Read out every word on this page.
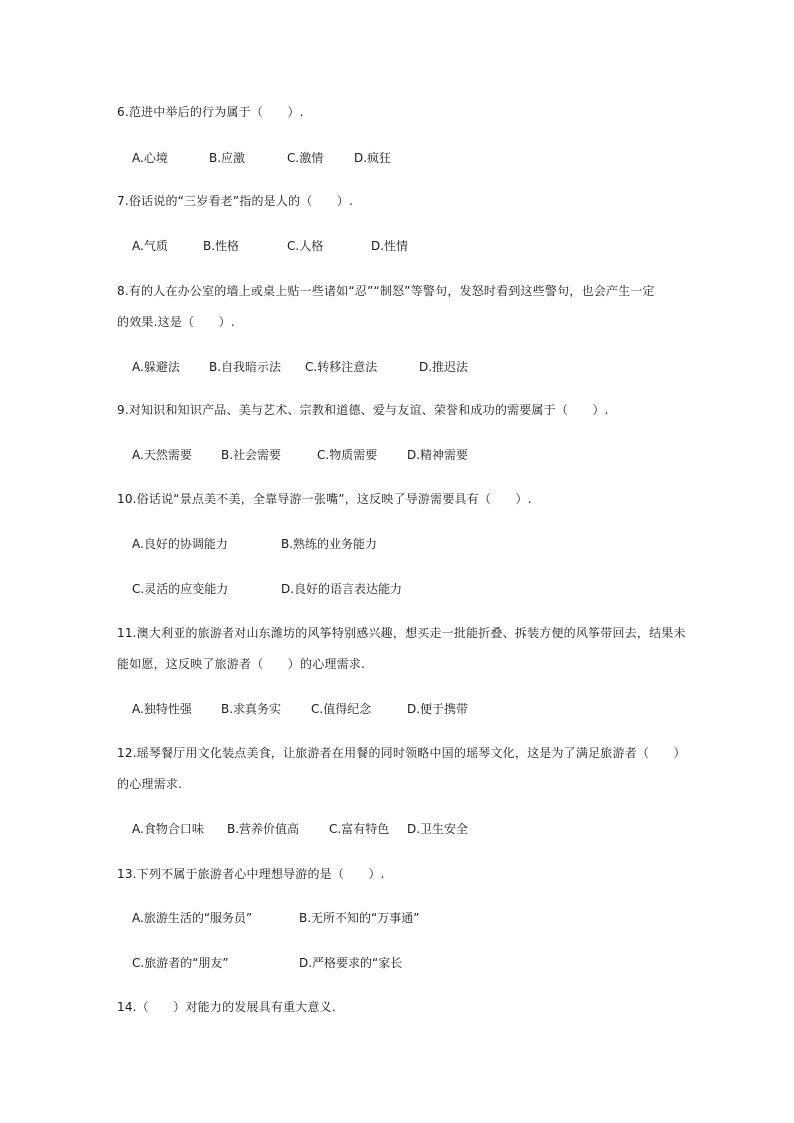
6.范进中举后的行为属于（　　）.
A.心境	B.应激	C.激情	D.疯狂
7.俗话说的“三岁看老”指的是人的（　　）.
A.气质	B.性格	C.人格	D.性情
8.有的人在办公室的墙上或桌上贴一些诸如“忍”“制怒”等警句，发怒时看到这些警句，也会产生一定
的效果.这是（　　）.
A.躲避法 B.自我暗示法 C.转移注意法	D.推迟法
9.对知识和知识产品、美与艺术、宗教和道德、爱与友谊、荣誉和成功的需要属于（　　）.
A.天然需要 B.社会需要	C.物质需要 D.精神需要
10.俗话说“景点美不美，全靠导游一张嘴”，这反映了导游需要具有（　　）.
A.良好的协调能力	B.熟练的业务能力
C.灵活的应变能力	D.良好的语言表达能力
11.澳大利亚的旅游者对山东潍坊的风筝特别感兴趣，想买走一批能折叠、拆装方便的风筝带回去，结果未
能如愿，这反映了旅游者（　　）的心理需求.
A.独特性强 B.求真务实 C.值得纪念	D.便于携带
12.瑶琴餐厅用文化装点美食，让旅游者在用餐的同时领略中国的瑶琴文化，这是为了满足旅游者（　　）
的心理需求.
A.食物合口味 B.营养价值高 C.富有特色 D.卫生安全
13.下列不属于旅游者心中理想导游的是（　　）.
A.旅游生活的“服务员”	B.无所不知的“万事通”
C.旅游者的“朋友”	D.严格要求的“家长
14.（　　）对能力的发展具有重大意义.
